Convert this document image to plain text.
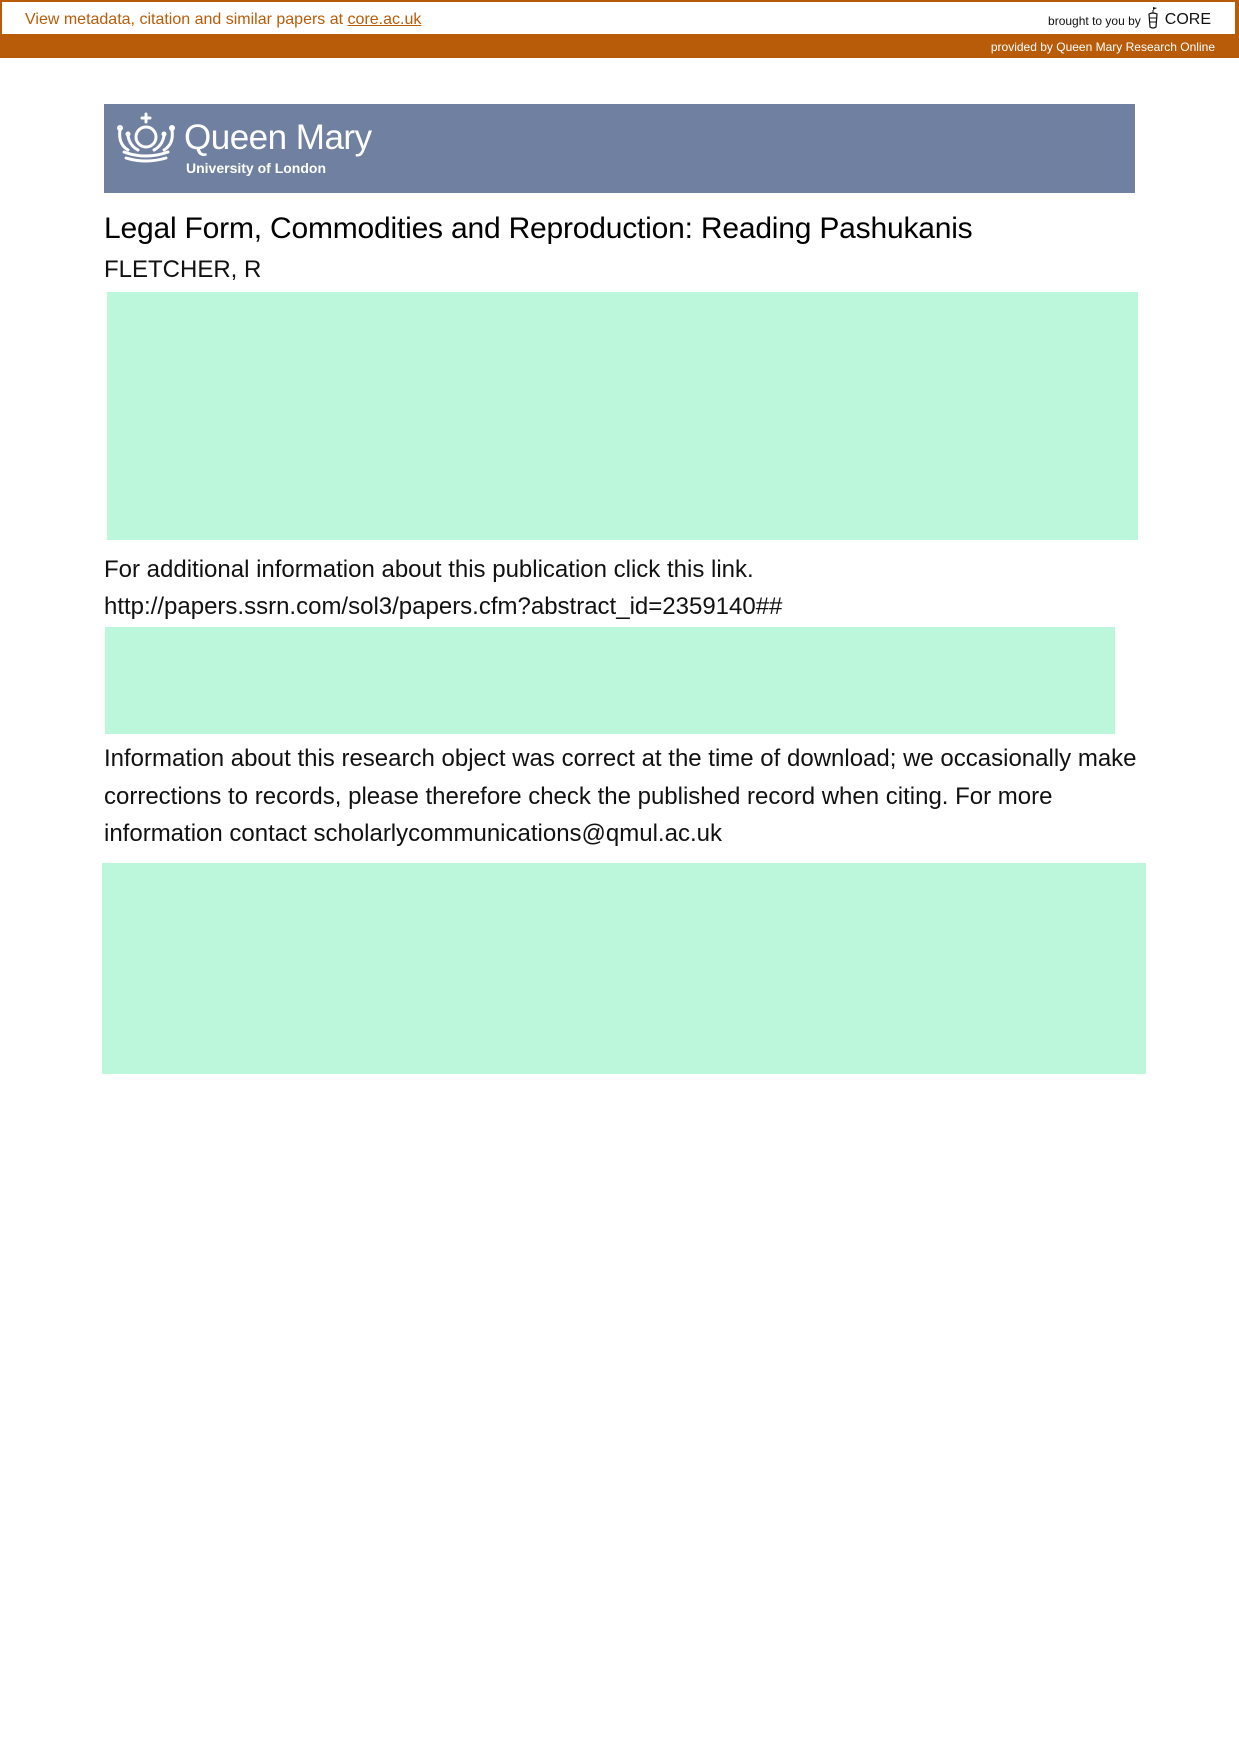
View metadata, citation and similar papers at core.ac.uk	brought to you by CORE
provided by Queen Mary Research Online
Queen Mary
University of London
Legal Form, Commodities and Reproduction: Reading Pashukanis
FLETCHER, R
For additional information about this publication click this link.
http://papers.ssrn.com/sol3/papers.cfm?abstract_id=2359140##
Information about this research object was correct at the time of download; we occasionally make corrections to records, please therefore check the published record when citing. For more information contact scholarlycommunications@qmul.ac.uk
